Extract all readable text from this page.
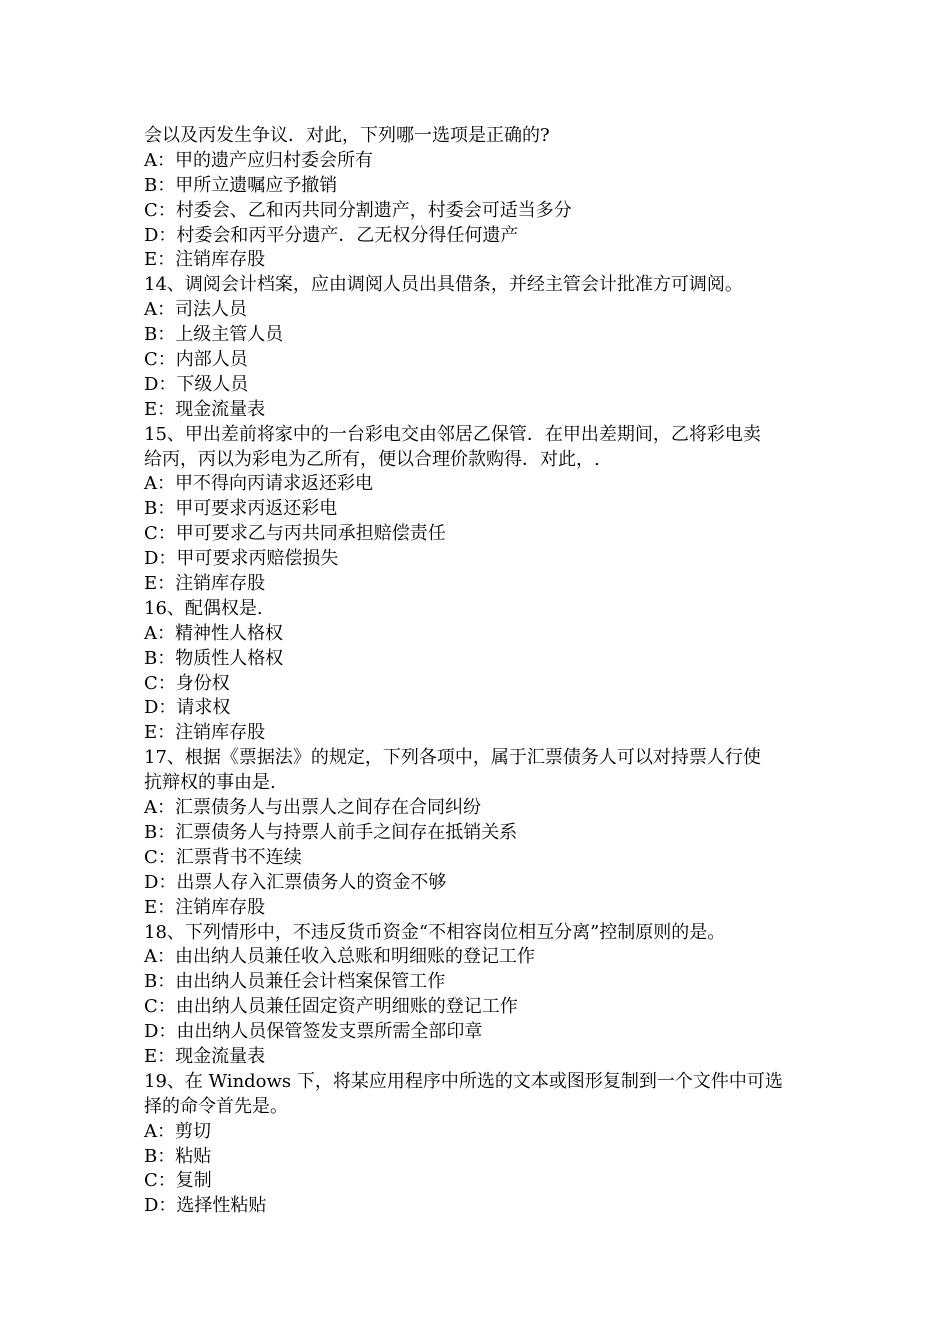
会以及丙发生争议．对此，下列哪一选项是正确的?

A：甲的遗产应归村委会所有

B：甲所立遗嘱应予撤销

C：村委会、乙和丙共同分割遗产，村委会可适当多分

D：村委会和丙平分遗产．乙无权分得任何遗产

E：注销库存股

14、调阅会计档案，应由调阅人员出具借条，并经主管会计批准方可调阅。

A：司法人员

B：上级主管人员

C：内部人员

D：下级人员

E：现金流量表

15、甲出差前将家中的一台彩电交由邻居乙保管．在甲出差期间，乙将彩电卖

给丙，丙以为彩电为乙所有，便以合理价款购得．对此，.

A：甲不得向丙请求返还彩电

B：甲可要求丙返还彩电

C：甲可要求乙与丙共同承担赔偿责任

D：甲可要求丙赔偿损失

E：注销库存股

16、配偶权是.

A：精神性人格权

B：物质性人格权

C：身份权

D：请求权

E：注销库存股

17、根据《票据法》的规定，下列各项中，属于汇票债务人可以对持票人行使

抗辩权的事由是.

A：汇票债务人与出票人之间存在合同纠纷

B：汇票债务人与持票人前手之间存在抵销关系

C：汇票背书不连续

D：出票人存入汇票债务人的资金不够

E：注销库存股

18、下列情形中，不违反货币资金“不相容岗位相互分离”控制原则的是。

A：由出纳人员兼任收入总账和明细账的登记工作

B：由出纳人员兼任会计档案保管工作

C：由出纳人员兼任固定资产明细账的登记工作

D：由出纳人员保管签发支票所需全部印章

E：现金流量表

19、在 Windows 下，将某应用程序中所选的文本或图形复制到一个文件中可选

择的命令首先是。

A：剪切

B：粘贴

C：复制

D：选择性粘贴
